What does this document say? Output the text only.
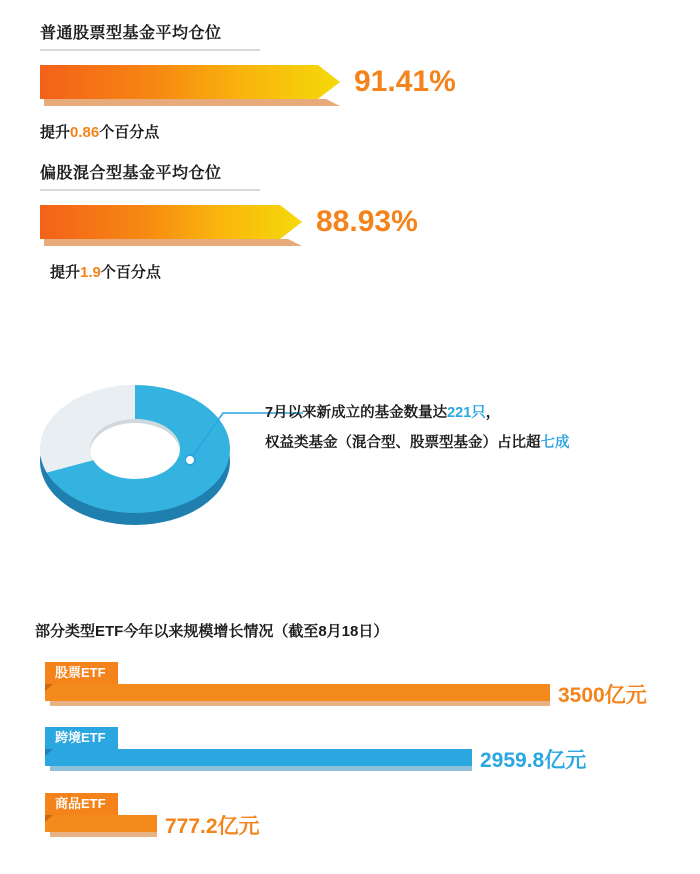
普通股票型基金平均仓位
91.41%
提升0.86个百分点
偏股混合型基金平均仓位
88.93%
提升1.9个百分点
7月以来新成立的基金数量达221只，
权益类基金（混合型、股票型基金）占比超七成
部分类型ETF今年以来规模增长情况（截至8月18日）
股票ETF
3500亿元
跨境ETF
2959.8亿元
商品ETF
777.2亿元
